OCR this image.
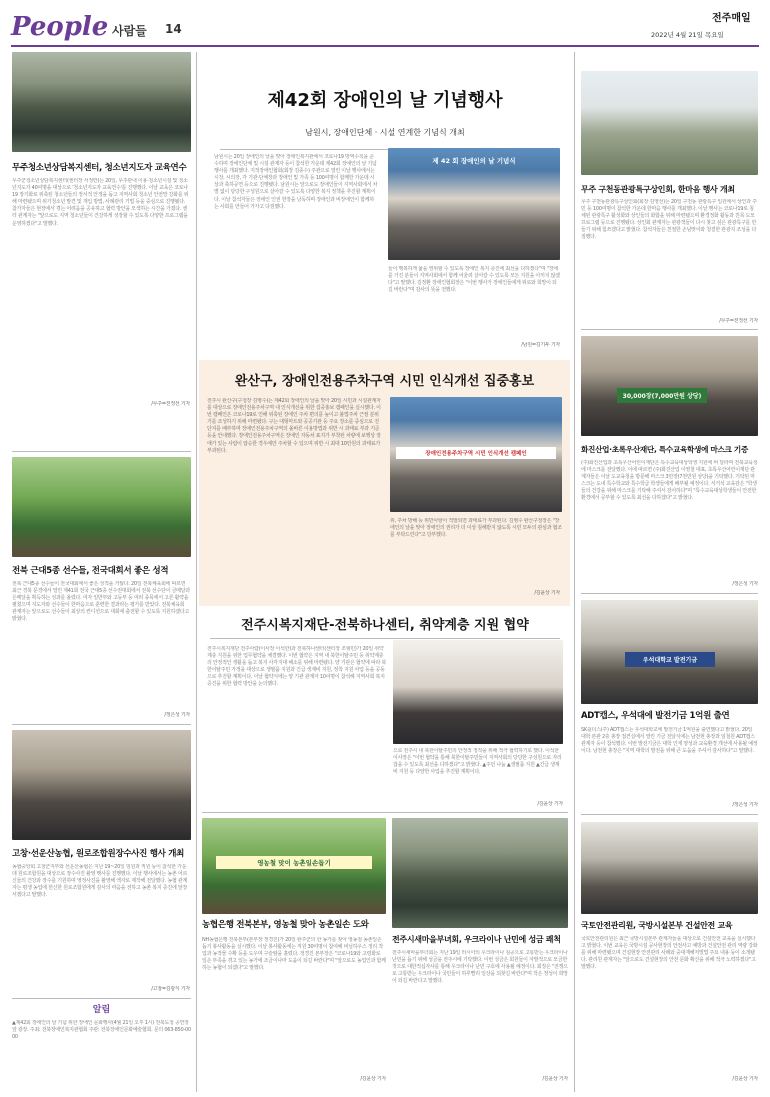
People 사람들 14
전주매일
2022년 4월 21일 목요일
무주청소년상담복지센터, 청소년지도자 교육연수
무주군청소년상담복지센터(센터장 서정란)는 20일, 무주관내 이용·청소년시설 및 청소년지도자 40여명을 대상으로 '청소년지도자 교육연수'를 진행했다. 이날 교육은 코로나19 장기화로 위축된 청소년들의 정서적 안정을 돕고 지역사회 청소년 안전망 강화를 위해 마련됐으며 위기청소년 발견 및 개입 방법, 사례관리 기법 등을 중심으로 진행됐다. 참가자들은 현장에서 겪는 어려움을 공유하고 협력 방안을 모색하는 시간을 가졌다. 센터 관계자는 "앞으로도 지역 청소년들이 건강하게 성장할 수 있도록 다양한 프로그램을 운영하겠다"고 말했다.
/무주=전정선 기자
전북 근대5종 선수들, 전국대회서 좋은 성적
전북 근대5종 선수들이 전국대회에서 좋은 성적을 거뒀다. 20일 전북체육회에 따르면 최근 경북 문경에서 열린 제41회 전국 근대5종 선수권대회에서 전북 선수단이 금메달과 은메달을 획득하는 성과를 올렸다. 여자 일반부와 고등부 등 여러 종목에서 고른 활약을 펼쳤으며 지도자와 선수들이 한마음으로 훈련한 결과라는 평가를 받았다. 전북체육회 관계자는 앞으로도 선수들이 최상의 컨디션으로 대회에 출전할 수 있도록 지원하겠다고 밝혔다.
/정은성 기자
고창·선운산농협, 원로조합원장수사진 행사 개최
농협중앙회 고창군지부와 선운산농협은 지난 19~20일 임원과 직원 등이 참석한 가운데 원로조합원을 대상으로 장수사진 촬영 행사를 진행했다. 이날 행사에서는 농촌 어르신들의 건강과 장수를 기원하며 영정사진을 촬영해 액자로 제작해 전달했다. 농협 관계자는 평생 농업에 헌신한 원로조합원에게 감사의 마음을 전하고 농촌 복지 증진에 앞장서겠다고 말했다.
/고창=김광식 기자
알림
▲제42회 장애인의 날 기념 위한 장애인 문화행사(4월 21일 오후 1시) 전북도청 공연장 앞 광장. 주최: 전북장애인복지관협회 주관: 전북장애인문화예술협회. 문의 063-850-0000
제42회 장애인의 날 기념행사
남원시, 장애인단체 · 시설 연계한 기념식 개최
남원시는 20일 장애인의 날을 맞아 장애인복지관에서 코로나19 방역수칙을 준수하며 장애인단체 및 시설 관계자 등이 참석한 가운데 제42회 장애인의 날 기념행사를 개최했다. 지적장애인협회(회장 김종수) 주관으로 열린 이날 행사에서는 시장, 시의장, 각 기관·단체장과 장애인 및 가족 등 100여명이 함께한 가운데 시상과 축하공연 등으로 진행됐다. 남원시는 앞으로도 장애인들이 지역사회에서 차별 없이 당당한 구성원으로 살아갈 수 있도록 다양한 복지 정책을 추진할 계획이다. 이날 참석자들은 장애인 인권 헌장을 낭독하며 장애인과 비장애인이 함께하는 사회를 만들어 가자고 다짐했다.
제 42 회 장애인의 날 기념식
들이 행복하게 삶을 영위할 수 있도록 장애인 복지 증진에 최선을 다하겠다"며 "장애를 가진 분들이 지역사회에서 함께 어울려 살아갈 수 있도록 모든 지원을 아끼지 않겠다"고 말했다. 김정환 장애인협회장은 "이번 행사가 장애인들에게 위로와 희망이 되길 바란다"며 감사의 뜻을 전했다.
/남원=김기두 기자
완산구, 장애인전용주차구역 시민 인식개선 집중홍보
전주시 완산구(구청장 김병수)는 제42회 장애인의 날을 맞아 20일 시민과 시설관계자를 대상으로 장애인전용주차구역 내 인식개선을 위한 집중홍보 캠페인을 실시했다. 이번 캠페인은 코로나19로 인해 위축된 장애인 주차 편의를 높이고 불법주차 근절 분위기를 조성하기 위해 마련됐다. 구는 대형마트와 공공기관 등 주요 장소를 중심으로 전단지를 배부하며 장애인전용주차구역의 올바른 이용방법과 위반 시 과태료 부과 기준 등을 안내했다. 장애인전용주차구역은 장애인 자동차 표지가 부착된 차량에 보행상 장애가 있는 사람이 탑승한 경우에만 주차할 수 있으며 위반 시 최대 10만원의 과태료가 부과된다.
장애인전용주차구역 시민 인식개선 캠페인
위, 주차 방해 등 위반사항이 적발되면 과태료가 부과된다. 김병수 완산구청장은 "장애인의 날을 맞아 장애인의 권리가 더 이상 침해받지 않도록 시민 모두의 관심과 협조를 부탁드린다"고 당부했다.
/김윤상 기자
전주시복지재단-전북하나센터, 취약계층 지원 협약
전주시복지재단 전주사람(이사장 이석한)과 전북하나센터(센터장 조형민)가 20일 취약계층 지원을 위한 업무협약을 체결했다. 이번 협약은 지역 내 북한이탈주민 등 취약계층의 안정적인 생활을 돕고 복지 사각지대 해소를 위해 마련됐다. 양 기관은 협약에 따라 북한이탈주민 가정을 대상으로 생필품 지원과 긴급 생계비 지원, 정착 지원 사업 등을 공동으로 추진할 계획이다. 이날 협약식에는 양 기관 관계자 10여명이 참석해 지역사회 복지 증진을 위한 협력 방안을 논의했다.
으로 전주시 내 북한이탈주민의 안정적 정착을 위해 적극 협력하기로 했다. 이석한 이사장은 "이번 협약을 통해 북한이탈주민들이 지역사회의 당당한 구성원으로 자리잡을 수 있도록 최선을 다하겠다"고 밝혔다. ▲주민 나눔 ▲생필품 지원 ▲긴급 생계비 지원 등 다양한 사업을 추진할 계획이다.
/김윤상 기자
영농철 맞이 농촌일손돕기
농협은행 전북본부, 영농철 맞아 농촌일손 도와
NH농협은행 전북본부(본부장 정경진)가 20일 완주군의 한 농가를 찾아 영농철 농촌일손돕기 봉사활동을 실시했다. 이날 봉사활동에는 직원 30여명이 참여해 비닐하우스 정리 작업과 농작물 수확 등을 도우며 구슬땀을 흘렸다. 정경진 본부장은 "코로나19와 고령화로 일손 부족을 겪고 있는 농가에 조금이나마 도움이 되길 바란다"며 "앞으로도 농업인과 함께하는 농협이 되겠다"고 말했다.
/김윤상 기자
전주시새마을부녀회, 우크라이나 난민에 성금 쾌척
전주시새마을부녀회는 지난 19일 러시아의 우크라이나 침공으로 고통받는 우크라이나 난민을 돕기 위해 성금을 전주시에 기탁했다. 이번 성금은 회원들이 자발적으로 모금한 것으로 대한적십자사를 통해 우크라이나 난민 구호에 사용될 예정이다. 회장은 "전쟁으로 고통받는 우크라이나 국민들이 하루빨리 일상을 되찾길 바란다"며 작은 정성이 희망이 되길 바란다고 말했다.
/김윤상 기자
무주 구천동관광특구상인회, 한마음 행사 개최
무주 구천동관광특구상인회(회장 김영선)는 20일 구천동 관광특구 일원에서 상인과 주민 등 100여명이 참석한 가운데 한마음 행사를 개최했다. 이날 행사는 코로나19로 침체된 관광특구 활성화와 상인들의 화합을 위해 마련됐으며 환경정화 활동과 친목 도모 프로그램 등으로 진행됐다. 상인회 관계자는 관광객들이 다시 찾고 싶은 관광특구를 만들기 위해 힘쓰겠다고 밝혔다. 참석자들은 친절한 손님맞이와 청결한 관광지 조성을 다짐했다.
/무주=전정선 기자
30,000장(7,000만원 상당)
화진산업·초록우산재단, 특수교육학생에 마스크 기증
(주)화진산업과 초록우산어린이재단은 특수교육대상학생 지원에 써 달라며 전북교육청에 마스크를 전달했다. 이에 따르면 (주)화진산업 이영철 대표, 초록우산어린이재단 관계자들은 이날 도교육청을 방문해 마스크 3만장(7천만원 상당)을 기탁했다. 기탁된 마스크는 도내 특수학교와 특수학급 학생들에게 배부될 예정이다. 서거석 교육감은 "학생들의 건강을 위해 마스크를 기탁해 주셔서 감사하다"며 "특수교육대상학생들이 안전한 환경에서 공부할 수 있도록 최선을 다하겠다"고 밝혔다.
/정은성 기자
우석대학교 발전기금
ADT캡스, 우석대에 발전기금 1억원 출연
SK쉴더스(주) ADT캡스는 우석대학교에 발전기금 1억원을 출연했다고 밝혔다. 20일 대학 본관 2층 총장 접견실에서 열린 기금 전달식에는 남천현 총장과 임철원 ADT캡스 관계자 등이 참석했다. 이번 발전기금은 대학 인재 양성과 교육환경 개선에 사용될 예정이다. 남천현 총장은 "지역 대학의 발전을 위해 큰 도움을 주셔서 감사하다"고 말했다.
/정은성 기자
국토안전관리원, 국방시설본부 건설안전 교육
국토안전관리원은 최근 국방시설본부 관계자들을 대상으로 건설안전 교육을 실시했다고 밝혔다. 이번 교육은 국방시설 공사현장의 안전사고 예방과 건설안전 관리 역량 강화를 위해 마련됐으며 건설현장 안전관리 사례와 중대재해처벌법 주요 내용 등이 소개됐다. 관리원 관계자는 "앞으로도 건설현장의 안전 문화 확산을 위해 적극 노력하겠다"고 말했다.
/김윤상 기자
